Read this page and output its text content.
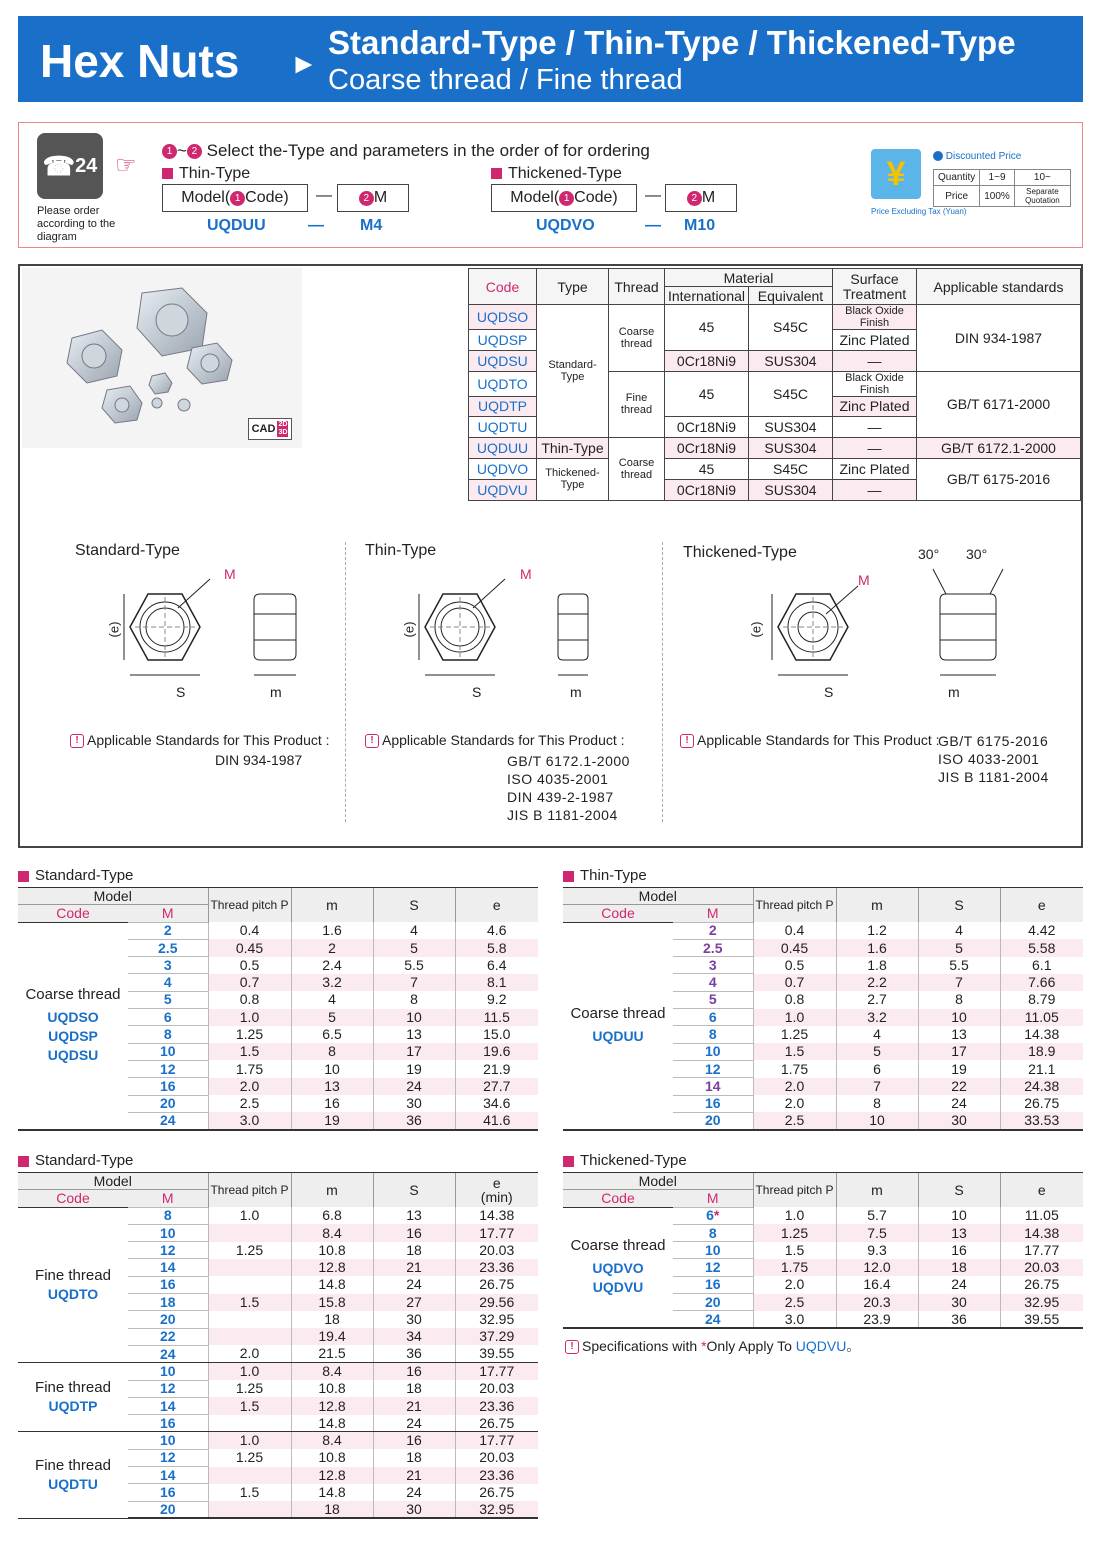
Hex Nuts ►
Standard-Type / Thin-Type / Thickened-Type
Coarse thread / Fine thread
☎ 24
Please order according to the diagram
☞
1 ~ 2 Select the-Type and parameters in the order of for ordering
Thin-Type
Model( 1 Code) —	2 M
UQDUU	— M4
Thickened-Type
Model( 1 Code) —	2 M
UQDVO	— M10
¥	Discounted Price
Quantity	1~9	10~
Price	100%	Separate Quotation
Price Excluding Tax (Yuan)
CAD 2D
3D
Code	Type	Thread	Material		Surface Treatment	Applicable standards
			International	Equivalent		
UQDSO	Standard-Type	Coarse thread	45	S45C	Black Oxide Finish	DIN 934-1987
UQDSP					Zinc Plated	
UQDSU			0Cr18Ni9	SUS304	—	
UQDTO		Fine thread	45	S45C	Black Oxide Finish	GB/T 6171-2000
UQDTP					Zinc Plated	
UQDTU			0Cr18Ni9	SUS304	—	
UQDUU	Thin-Type	Coarse thread	0Cr18Ni9	SUS304	—	GB/T 6172.1-2000
UQDVO	Thickened-Type		45	S45C	Zinc Plated	GB/T 6175-2016
UQDVU			0Cr18Ni9	SUS304	—	
Standard-Type
M
(e)
S	m
! Applicable Standards for This Product :
DIN 934-1987
Thin-Type
M
(e)
S	m
! Applicable Standards for This Product :
GB/T 6172.1-2000
ISO 4035-2001
DIN 439-2-1987
JIS B 1181-2004
Thickened-Type
M
(e)
S	m
30° 30°
! Applicable Standards for This Product :
GB/T 6175-2016
ISO 4033-2001
JIS B 1181-2004
Standard-Type
Model		Thread pitch P	m	S	e
Code	M				

Coarse thread
UQDSO
UQDSP
UQDSU	2	0.4	1.6	4	4.6
	2.5	0.45	2	5	5.8
	3	0.5	2.4	5.5	6.4
	4	0.7	3.2	7	8.1
	5	0.8	4	8	9.2
	6	1.0	5	10	11.5
	8	1.25	6.5	13	15.0
	10	1.5	8	17	19.6
	12	1.75	10	19	21.9
	16	2.0	13	24	27.7
	20	2.5	16	30	34.6
	24	3.0	19	36	41.6
Thin-Type
Model		Thread pitch P	m	S	e
Code	M				

Coarse thread
UQDUU	2	0.4	1.2	4	4.42
	2.5	0.45	1.6	5	5.58
	3	0.5	1.8	5.5	6.1
	4	0.7	2.2	7	7.66
	5	0.8	2.7	8	8.79
	6	1.0	3.2	10	11.05
	8	1.25	4	13	14.38
	10	1.5	5	17	18.9
	12	1.75	6	19	21.1
	14	2.0	7	22	24.38
	16	2.0	8	24	26.75
	20	2.5	10	30	33.53
Standard-Type
Model		Thread pitch P	m	S	e
(min)

Code	M				

Fine thread
UQDTO	8	1.0	6.8	13	14.38
	10		8.4	16	17.77
	12	1.25	10.8	18	20.03
	14		12.8	21	23.36
	16		14.8	24	26.75
	18	1.5	15.8	27	29.56
	20		18	30	32.95
	22		19.4	34	37.29
	24	2.0	21.5	36	39.55

Fine thread
UQDTP	10	1.0	8.4	16	17.77
	12	1.25	10.8	18	20.03
	14	1.5	12.8	21	23.36
	16		14.8	24	26.75

Fine thread
UQDTU	10	1.0	8.4	16	17.77
	12	1.25	10.8	18	20.03
	14		12.8	21	23.36
	16	1.5	14.8	24	26.75
	20		18	30	32.95
Thickened-Type
Model		Thread pitch P	m	S	e
Code	M				

Coarse thread
UQDVO
UQDVU	6*	1.0	5.7	10	11.05
	8	1.25	7.5	13	14.38
	10	1.5	9.3	16	17.77
	12	1.75	12.0	18	20.03
	16	2.0	16.4	24	26.75
	20	2.5	20.3	30	32.95
	24	3.0	23.9	36	39.55
! Specifications with *Only Apply To UQDVU。
